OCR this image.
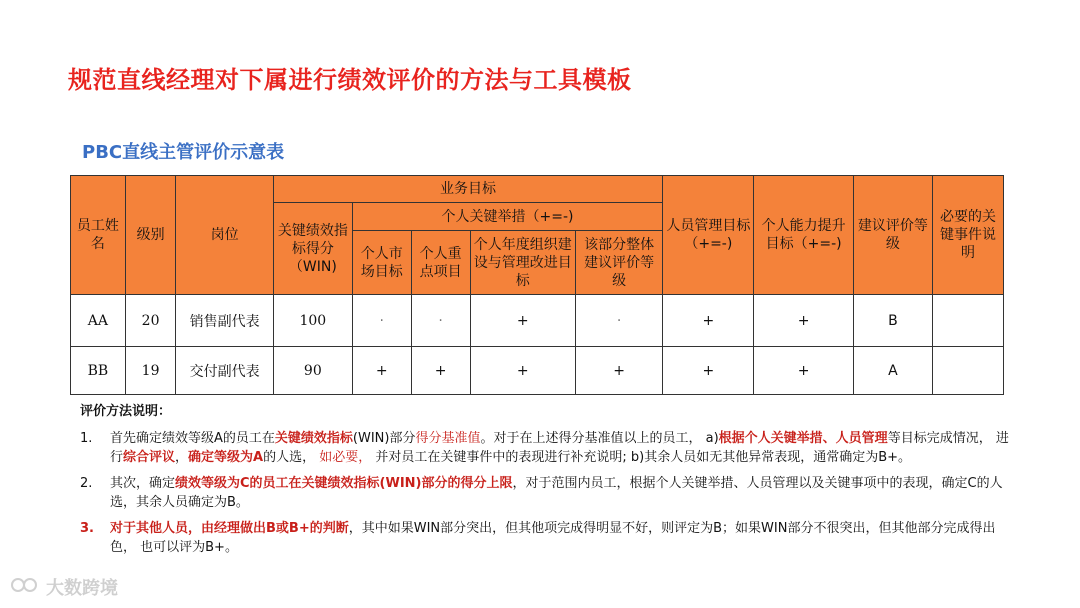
规范直线经理对下属进行绩效评价的方法与工具模板
PBC直线主管评价示意表
员工姓名	级别	岗位	业务目标					人员管理目标（+=-)	个人能力提升目标（+=-)	建议评价等级	必要的关键事件说明
			关键绩效指标得分（WIN)	个人关键举措（+=-)							
				个人市场目标	个人重点项目	个人年度组织建设与管理改进目标	该部分整体建议评价等级				
AA	20	销售副代表	100	·	·	+	·	+	+	B	
BB	19	交付副代表	90	+	+	+	+	+	+	A	
评价方法说明：
1.	首先确定绩效等级A的员工在关键绩效指标(WIN)部分得分基准值。对于在上述得分基准值以上的员工， a)根据个人关键举措、人员管理等目标完成情况， 进行综合评议，确定等级为A的人选， 如必要， 并对员工在关键事件中的表现进行补充说明; b)其余人员如无其他异常表现，通常确定为B+。
2.	其次，确定绩效等级为C的员工在关键绩效指标(WIN)部分的得分上限，对于范围内员工，根据个人关键举措、人员管理以及关键事项中的表现，确定C的人选，其余人员确定为B。
3.	对于其他人员，由经理做出B或B+的判断，其中如果WIN部分突出，但其他项完成得明显不好，则评定为B；如果WIN部分不很突出，但其他部分完成得出色， 也可以评为B+。
大数跨境
